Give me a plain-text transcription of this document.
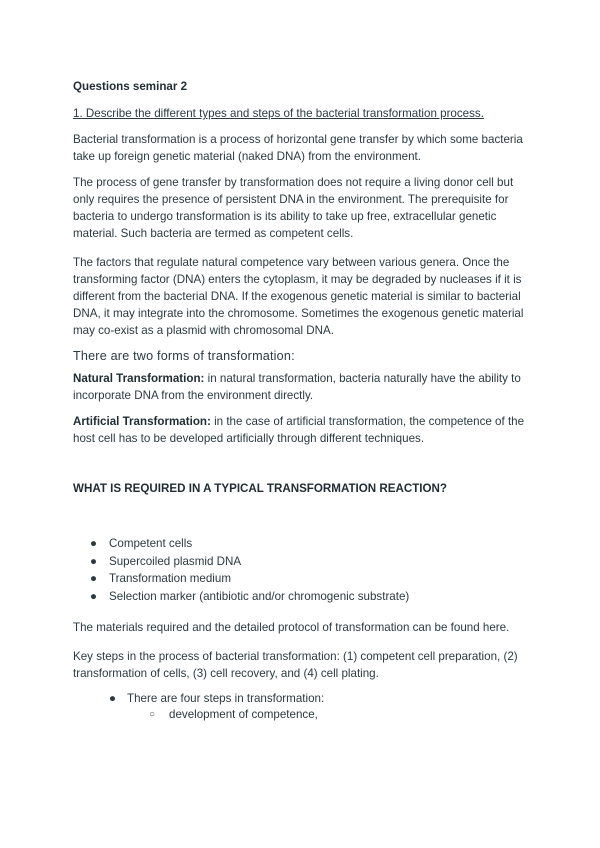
Questions seminar 2
1. Describe the different types and steps of the bacterial transformation process.

Bacterial transformation is a process of horizontal gene transfer by which some bacteria take up foreign genetic material (naked DNA) from the environment.

The process of gene transfer by transformation does not require a living donor cell but only requires the presence of persistent DNA in the environment. The prerequisite for bacteria to undergo transformation is its ability to take up free, extracellular genetic material. Such bacteria are termed as competent cells.

The factors that regulate natural competence vary between various genera. Once the transforming factor (DNA) enters the cytoplasm, it may be degraded by nucleases if it is different from the bacterial DNA. If the exogenous genetic material is similar to bacterial DNA, it may integrate into the chromosome. Sometimes the exogenous genetic material may co-exist as a plasmid with chromosomal DNA.

There are two forms of transformation:

Natural Transformation: in natural transformation, bacteria naturally have the ability to incorporate DNA from the environment directly.

Artificial Transformation: in the case of artificial transformation, the competence of the host cell has to be developed artificially through different techniques.

WHAT IS REQUIRED IN A TYPICAL TRANSFORMATION REACTION?
● Competent cells
● Supercoiled plasmid DNA
● Transformation medium
● Selection marker (antibiotic and/or chromogenic substrate)

The materials required and the detailed protocol of transformation can be found here.

Key steps in the process of bacterial transformation: (1) competent cell preparation, (2) transformation of cells, (3) cell recovery, and (4) cell plating.

● There are four steps in transformation:
○ development of competence,
